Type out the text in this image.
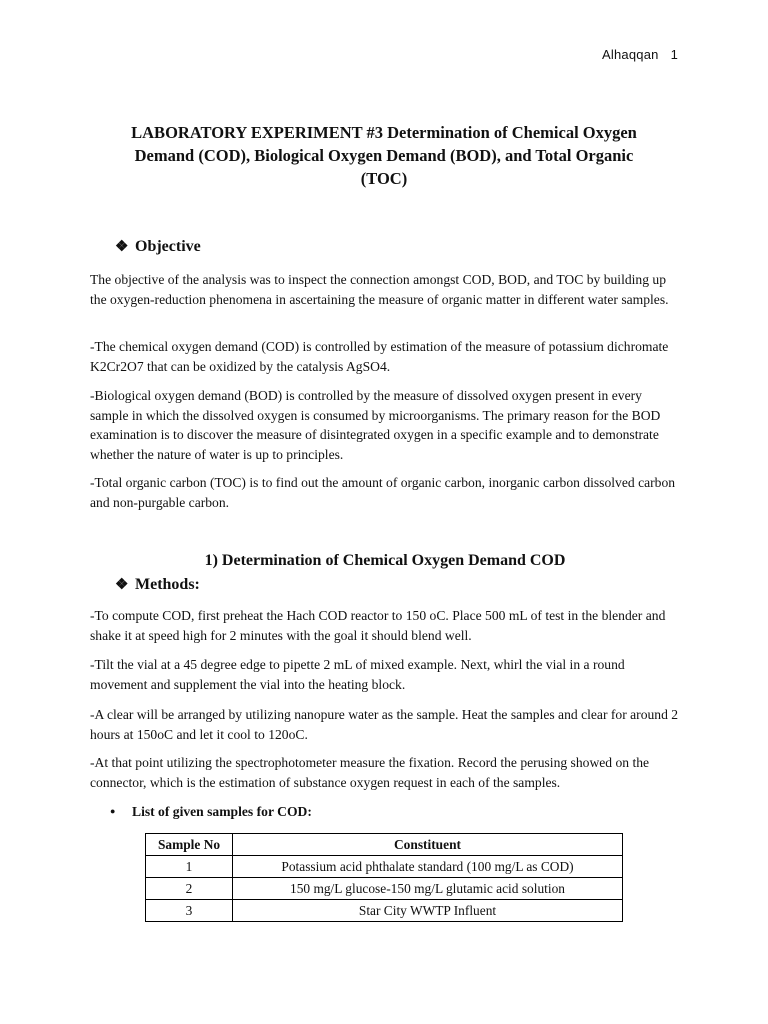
Alhaqqan 1
LABORATORY EXPERIMENT #3 Determination of Chemical Oxygen Demand (COD), Biological Oxygen Demand (BOD), and Total Organic (TOC)
❖ Objective

The objective of the analysis was to inspect the connection amongst COD, BOD, and TOC by building up the oxygen-reduction phenomena in ascertaining the measure of organic matter in different water samples.

-The chemical oxygen demand (COD) is controlled by estimation of the measure of potassium dichromate K2Cr2O7 that can be oxidized by the catalysis AgSO4.

-Biological oxygen demand (BOD) is controlled by the measure of dissolved oxygen present in every sample in which the dissolved oxygen is consumed by microorganisms. The primary reason for the BOD examination is to discover the measure of disintegrated oxygen in a specific example and to demonstrate whether the nature of water is up to principles.

-Total organic carbon (TOC) is to find out the amount of organic carbon, inorganic carbon dissolved carbon and non-purgable carbon.

1) Determination of Chemical Oxygen Demand COD
❖ Methods:

-To compute COD, first preheat the Hach COD reactor to 150 oC. Place 500 mL of test in the blender and shake it at speed high for 2 minutes with the goal it should blend well.

-Tilt the vial at a 45 degree edge to pipette 2 mL of mixed example. Next, whirl the vial in a round movement and supplement the vial into the heating block.

-A clear will be arranged by utilizing nanopure water as the sample. Heat the samples and clear for around 2 hours at 150oC and let it cool to 120oC.

-At that point utilizing the spectrophotometer measure the fixation. Record the perusing showed on the connector, which is the estimation of substance oxygen request in each of the samples.

● List of given samples for COD:
Sample No	Constituent
1	Potassium acid phthalate standard (100 mg/L as COD)
2	150 mg/L glucose-150 mg/L glutamic acid solution
3	Star City WWTP Influent
